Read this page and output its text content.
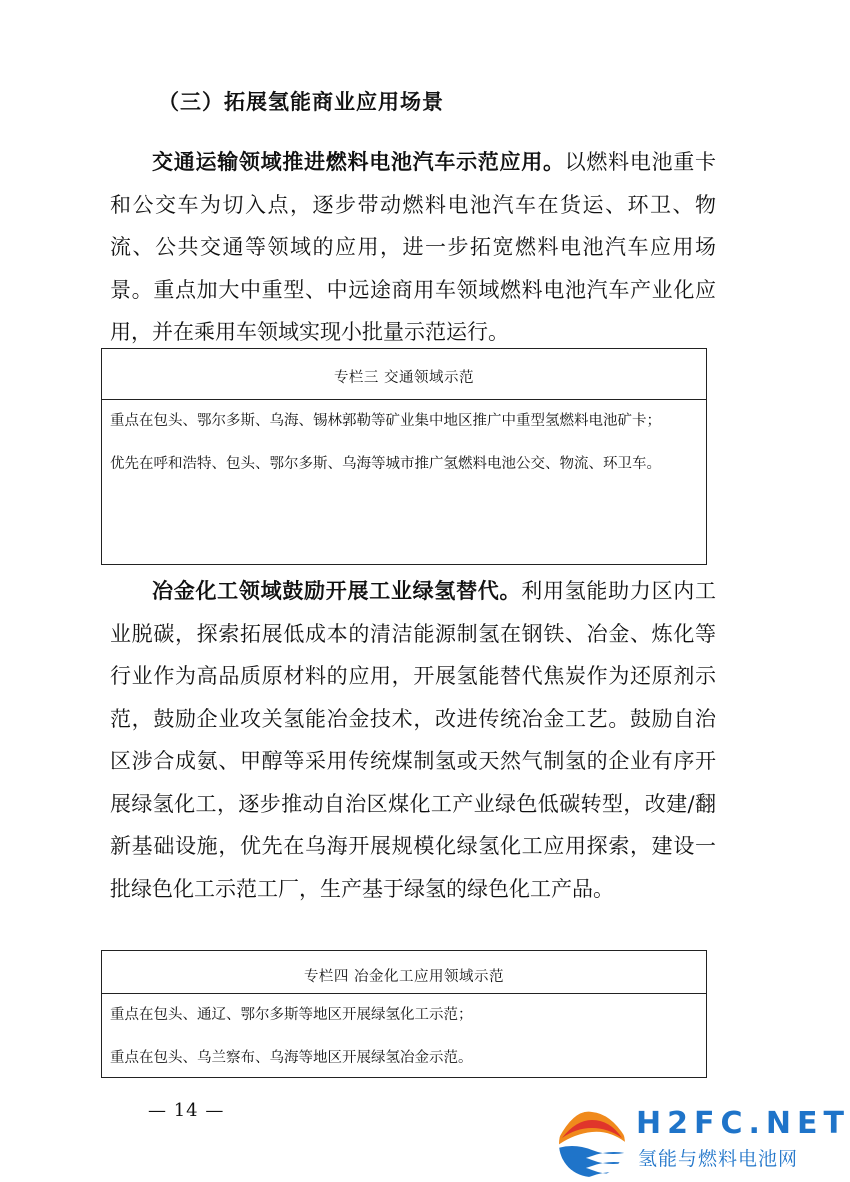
（三）拓展氢能商业应用场景

交通运输领域推进燃料电池汽车示范应用。以燃料电池重卡和公交车为切入点，逐步带动燃料电池汽车在货运、环卫、物流、公共交通等领域的应用，进一步拓宽燃料电池汽车应用场景。重点加大中重型、中远途商用车领域燃料电池汽车产业化应用，并在乘用车领域实现小批量示范运行。

专栏三 交通领域示范

重点在包头、鄂尔多斯、乌海、锡林郭勒等矿业集中地区推广中重型氢燃料电池矿卡；

优先在呼和浩特、包头、鄂尔多斯、乌海等城市推广氢燃料电池公交、物流、环卫车。

冶金化工领域鼓励开展工业绿氢替代。利用氢能助力区内工业脱碳，探索拓展低成本的清洁能源制氢在钢铁、冶金、炼化等行业作为高品质原材料的应用，开展氢能替代焦炭作为还原剂示范，鼓励企业攻关氢能冶金技术，改进传统冶金工艺。鼓励自治区涉合成氨、甲醇等采用传统煤制氢或天然气制氢的企业有序开展绿氢化工，逐步推动自治区煤化工产业绿色低碳转型，改建/翻新基础设施，优先在乌海开展规模化绿氢化工应用探索，建设一批绿色化工示范工厂，生产基于绿氢的绿色化工产品。

专栏四 冶金化工应用领域示范

重点在包头、通辽、鄂尔多斯等地区开展绿氢化工示范；

重点在包头、乌兰察布、乌海等地区开展绿氢冶金示范。

— 14 —	H2FC.NET
氢能与燃料电池网
